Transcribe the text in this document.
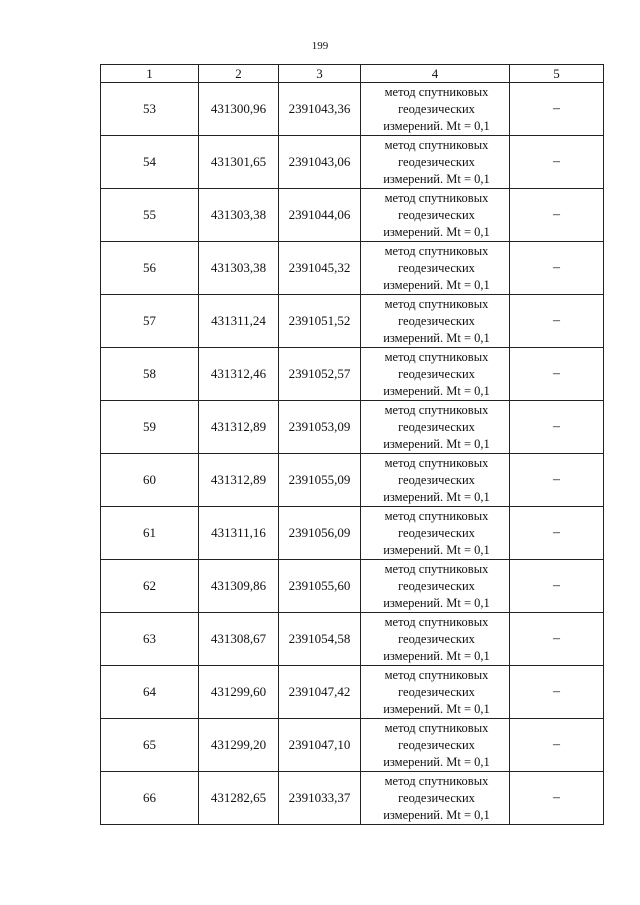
199
1	2	3	4	5
53	431300,96	2391043,36	метод спутниковых
геодезических
измерений. Mt = 0,1	–
54	431301,65	2391043,06	метод спутниковых
геодезических
измерений. Mt = 0,1	–
55	431303,38	2391044,06	метод спутниковых
геодезических
измерений. Mt = 0,1	–
56	431303,38	2391045,32	метод спутниковых
геодезических
измерений. Mt = 0,1	–
57	431311,24	2391051,52	метод спутниковых
геодезических
измерений. Mt = 0,1	–
58	431312,46	2391052,57	метод спутниковых
геодезических
измерений. Mt = 0,1	–
59	431312,89	2391053,09	метод спутниковых
геодезических
измерений. Mt = 0,1	–
60	431312,89	2391055,09	метод спутниковых
геодезических
измерений. Mt = 0,1	–
61	431311,16	2391056,09	метод спутниковых
геодезических
измерений. Mt = 0,1	–
62	431309,86	2391055,60	метод спутниковых
геодезических
измерений. Mt = 0,1	–
63	431308,67	2391054,58	метод спутниковых
геодезических
измерений. Mt = 0,1	–
64	431299,60	2391047,42	метод спутниковых
геодезических
измерений. Mt = 0,1	–
65	431299,20	2391047,10	метод спутниковых
геодезических
измерений. Mt = 0,1	–
66	431282,65	2391033,37	метод спутниковых
геодезических
измерений. Mt = 0,1	–
